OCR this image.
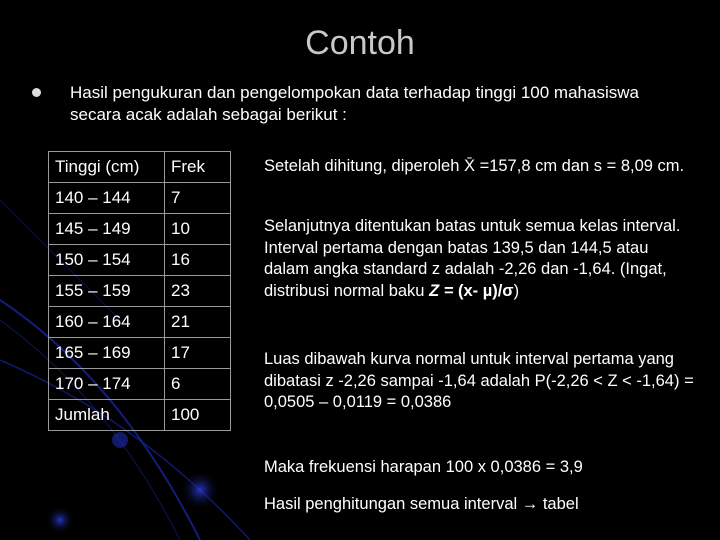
Contoh
Hasil pengukuran dan pengelompokan data terhadap tinggi 100 mahasiswa secara acak adalah sebagai berikut :
Tinggi (cm)	Frek
140 – 144	7
145 – 149	10
150 – 154	16
155 – 159	23
160 – 164	21
165 – 169	17
170 – 174	6
Jumlah	100
Setelah dihitung, diperoleh X̄ =157,8 cm dan s = 8,09 cm.
Selanjutnya ditentukan batas untuk semua kelas interval. Interval pertama dengan batas 139,5 dan 144,5 atau dalam angka standard z adalah -2,26 dan -1,64. (Ingat, distribusi normal baku Z = (x- µ)/σ)
Luas dibawah kurva normal untuk interval pertama yang dibatasi z -2,26 sampai -1,64 adalah P(-2,26 < Z < -1,64) = 0,0505 – 0,0119 = 0,0386
Maka frekuensi harapan 100 x 0,0386 = 3,9
Hasil penghitungan semua interval → tabel
